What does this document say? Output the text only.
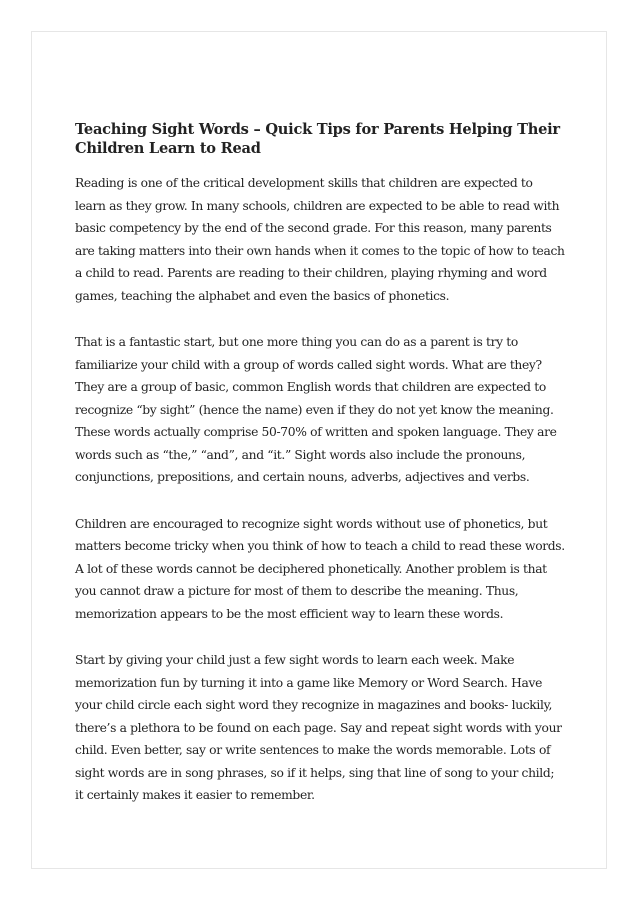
Teaching Sight Words – Quick Tips for Parents Helping Their Children Learn to Read

Reading is one of the critical development skills that children are expected to learn as they grow. In many schools, children are expected to be able to read with basic competency by the end of the second grade. For this reason, many parents are taking matters into their own hands when it comes to the topic of how to teach a child to read. Parents are reading to their children, playing rhyming and word games, teaching the alphabet and even the basics of phonetics.

That is a fantastic start, but one more thing you can do as a parent is try to familiarize your child with a group of words called sight words. What are they? They are a group of basic, common English words that children are expected to recognize “by sight” (hence the name) even if they do not yet know the meaning. These words actually comprise 50-70% of written and spoken language. They are words such as “the,” “and”, and “it.” Sight words also include the pronouns, conjunctions, prepositions, and certain nouns, adverbs, adjectives and verbs.

Children are encouraged to recognize sight words without use of phonetics, but matters become tricky when you think of how to teach a child to read these words. A lot of these words cannot be deciphered phonetically. Another problem is that you cannot draw a picture for most of them to describe the meaning. Thus, memorization appears to be the most efficient way to learn these words.

Start by giving your child just a few sight words to learn each week. Make memorization fun by turning it into a game like Memory or Word Search. Have your child circle each sight word they recognize in magazines and books- luckily, there’s a plethora to be found on each page. Say and repeat sight words with your child. Even better, say or write sentences to make the words memorable. Lots of sight words are in song phrases, so if it helps, sing that line of song to your child; it certainly makes it easier to remember.
